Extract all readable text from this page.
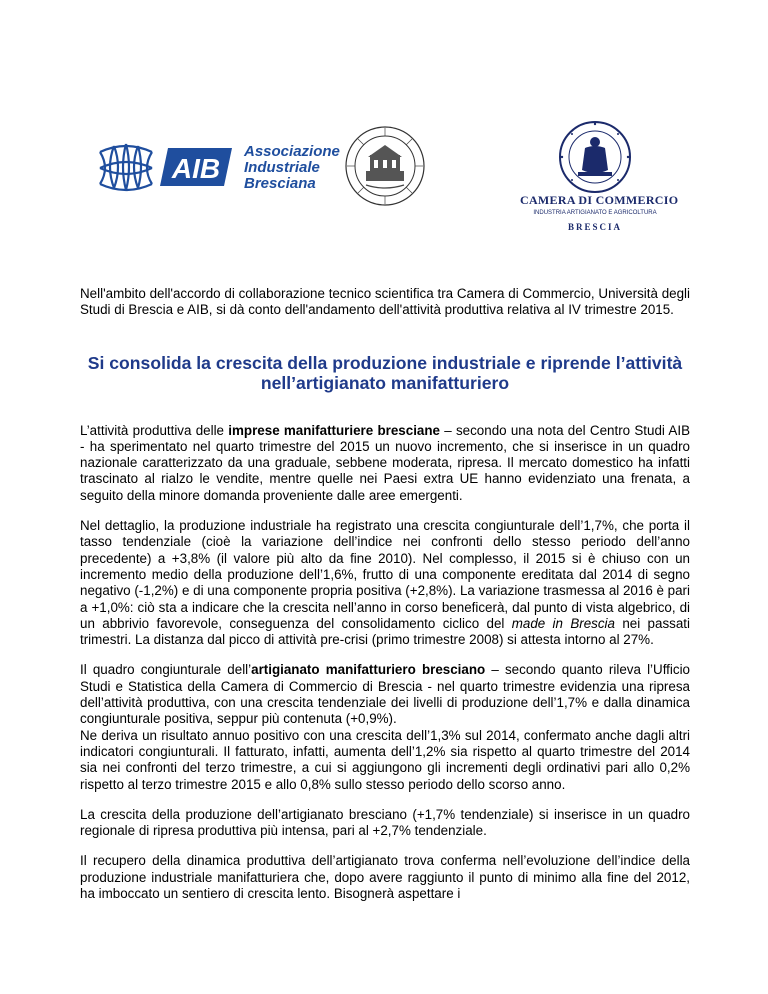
AIB
Associazione
Industriale
Bresciana
CAMERA DI COMMERCIO
INDUSTRIA ARTIGIANATO E AGRICOLTURA
BRESCIA

Nell'ambito dell'accordo di collaborazione tecnico scientifica tra Camera di Commercio, Università degli Studi di Brescia e AIB, si dà conto dell'andamento dell'attività produttiva relativa al IV trimestre 2015.

Si consolida la crescita della produzione industriale e riprende l’attività nell’artigianato manifatturiero

L’attività produttiva delle imprese manifatturiere bresciane – secondo una nota del Centro Studi AIB - ha sperimentato nel quarto trimestre del 2015 un nuovo incremento, che si inserisce in un quadro nazionale caratterizzato da una graduale, sebbene moderata, ripresa. Il mercato domestico ha infatti trascinato al rialzo le vendite, mentre quelle nei Paesi extra UE hanno evidenziato una frenata, a seguito della minore domanda proveniente dalle aree emergenti.

Nel dettaglio, la produzione industriale ha registrato una crescita congiunturale dell’1,7%, che porta il tasso tendenziale (cioè la variazione dell’indice nei confronti dello stesso periodo dell’anno precedente) a +3,8% (il valore più alto da fine 2010). Nel complesso, il 2015 si è chiuso con un incremento medio della produzione dell’1,6%, frutto di una componente ereditata dal 2014 di segno negativo (-1,2%) e di una componente propria positiva (+2,8%). La variazione trasmessa al 2016 è pari a +1,0%: ciò sta a indicare che la crescita nell’anno in corso beneficerà, dal punto di vista algebrico, di un abbrivio favorevole, conseguenza del consolidamento ciclico del made in Brescia nei passati trimestri. La distanza dal picco di attività pre-crisi (primo trimestre 2008) si attesta intorno al 27%.

Il quadro congiunturale dell’artigianato manifatturiero bresciano – secondo quanto rileva l’Ufficio Studi e Statistica della Camera di Commercio di Brescia - nel quarto trimestre evidenzia una ripresa dell’attività produttiva, con una crescita tendenziale dei livelli di produzione dell’1,7% e dalla dinamica congiunturale positiva, seppur più contenuta (+0,9%).

Ne deriva un risultato annuo positivo con una crescita dell’1,3% sul 2014, confermato anche dagli altri indicatori congiunturali. Il fatturato, infatti, aumenta dell’1,2% sia rispetto al quarto trimestre del 2014 sia nei confronti del terzo trimestre, a cui si aggiungono gli incrementi degli ordinativi pari allo 0,2% rispetto al terzo trimestre 2015 e allo 0,8% sullo stesso periodo dello scorso anno.

La crescita della produzione dell’artigianato bresciano (+1,7% tendenziale) si inserisce in un quadro regionale di ripresa produttiva più intensa, pari al +2,7% tendenziale.

Il recupero della dinamica produttiva dell’artigianato trova conferma nell’evoluzione dell’indice della produzione industriale manifatturiera che, dopo avere raggiunto il punto di minimo alla fine del 2012, ha imboccato un sentiero di crescita lento. Bisognerà aspettare i
